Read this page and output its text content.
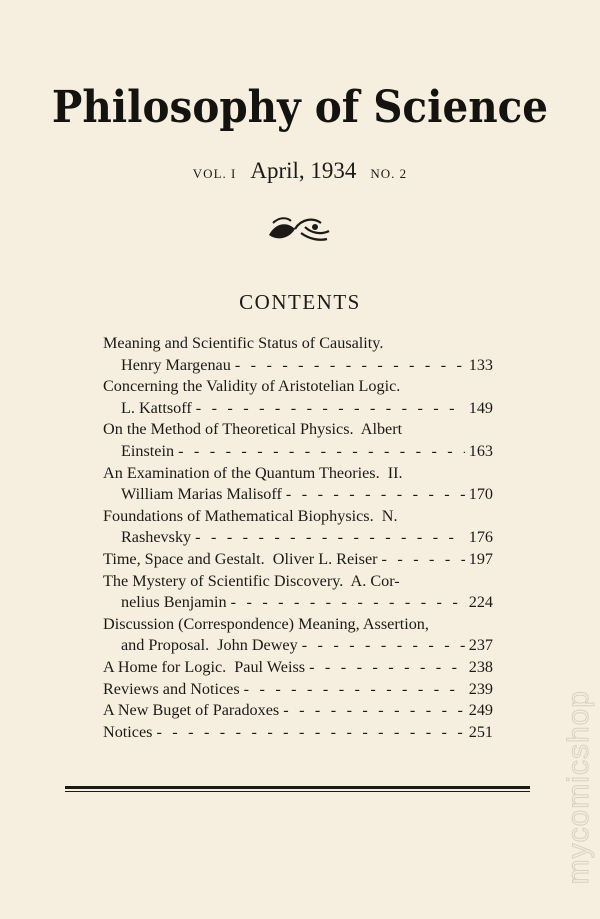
Philosophy of Science
VOL. I April, 1934 NO. 2
CONTENTS
Meaning and Scientific Status of Causality.
Henry Margenau - - -	133
Concerning the Validity of Aristotelian Logic.
L. Kattsoff - - -	149
On the Method of Theoretical Physics.  Albert
Einstein - - -	163
An Examination of the Quantum Theories.  II.
William Marias Malisoff - - -	170
Foundations of Mathematical Biophysics.  N.
Rashevsky - - -	176
Time, Space and Gestalt.  Oliver L. Reiser - - -	197
The Mystery of Scientific Discovery.  A. Cor-
nelius Benjamin - - -	224
Discussion (Correspondence) Meaning, Assertion,
and Proposal.  John Dewey - - -	237
A Home for Logic.  Paul Weiss - - -	238
Reviews and Notices - - -	239
A New Buget of Paradoxes - - -	249
Notices - - -	251 mycomicshop
